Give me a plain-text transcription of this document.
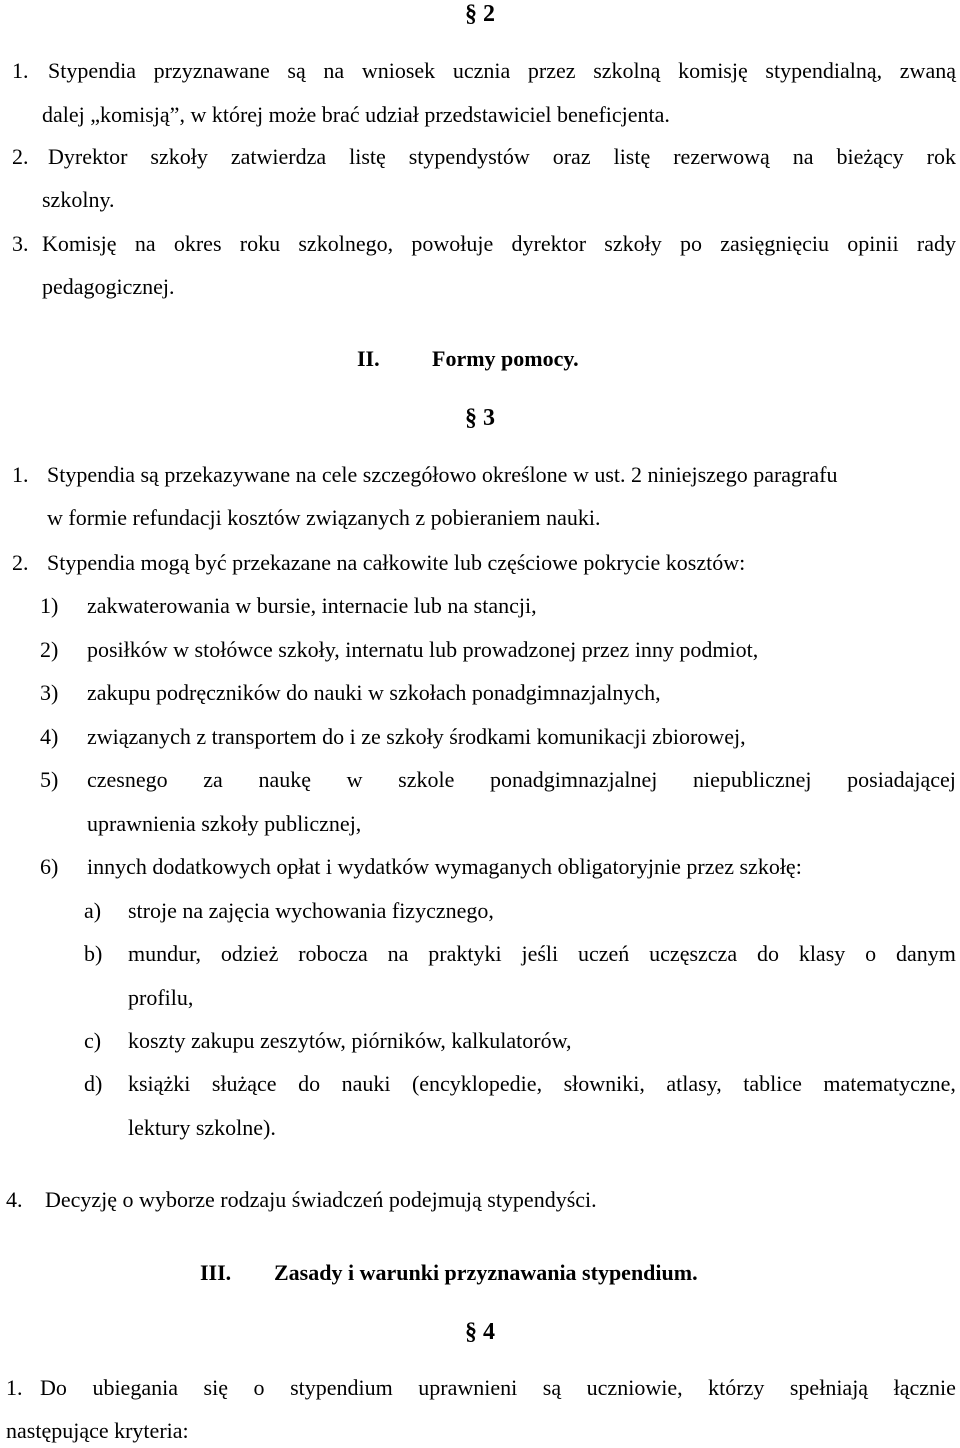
§ 2
1. Stypendia przyznawane są na wniosek ucznia przez szkolną komisję stypendialną, zwaną
dalej „komisją”, w której może brać udział przedstawiciel beneficjenta.
2. Dyrektor szkoły zatwierdza listę stypendystów oraz listę rezerwową na bieżący rok
szkolny.
3. Komisję na okres roku szkolnego, powołuje dyrektor szkoły po zasięgnięciu opinii rady
pedagogicznej.
II. Formy pomocy.
§ 3
1. Stypendia są przekazywane na cele szczegółowo określone w ust. 2 niniejszego paragrafu
w formie refundacji kosztów związanych z pobieraniem nauki.
2. Stypendia mogą być przekazane na całkowite lub częściowe pokrycie kosztów:
1) zakwaterowania w bursie, internacie lub na stancji,
2) posiłków w stołówce szkoły, internatu lub prowadzonej przez inny podmiot,
3) zakupu podręczników do nauki w szkołach ponadgimnazjalnych,
4) związanych z transportem do i ze szkoły środkami komunikacji zbiorowej,
5) czesnego za naukę w szkole ponadgimnazjalnej niepublicznej posiadającej
uprawnienia szkoły publicznej,
6) innych dodatkowych opłat i wydatków wymaganych obligatoryjnie przez szkołę:
a) stroje na zajęcia wychowania fizycznego,
b) mundur, odzież robocza na praktyki jeśli uczeń uczęszcza do klasy o danym
profilu,
c) koszty zakupu zeszytów, piórników, kalkulatorów,
d) książki służące do nauki (encyklopedie, słowniki, atlasy, tablice matematyczne,
lektury szkolne).
4. Decyzję o wyborze rodzaju świadczeń podejmują stypendyści.
III. Zasady i warunki przyznawania stypendium.
§ 4
1. Do ubiegania się o stypendium uprawnieni są uczniowie, którzy spełniają łącznie
następujące kryteria:
